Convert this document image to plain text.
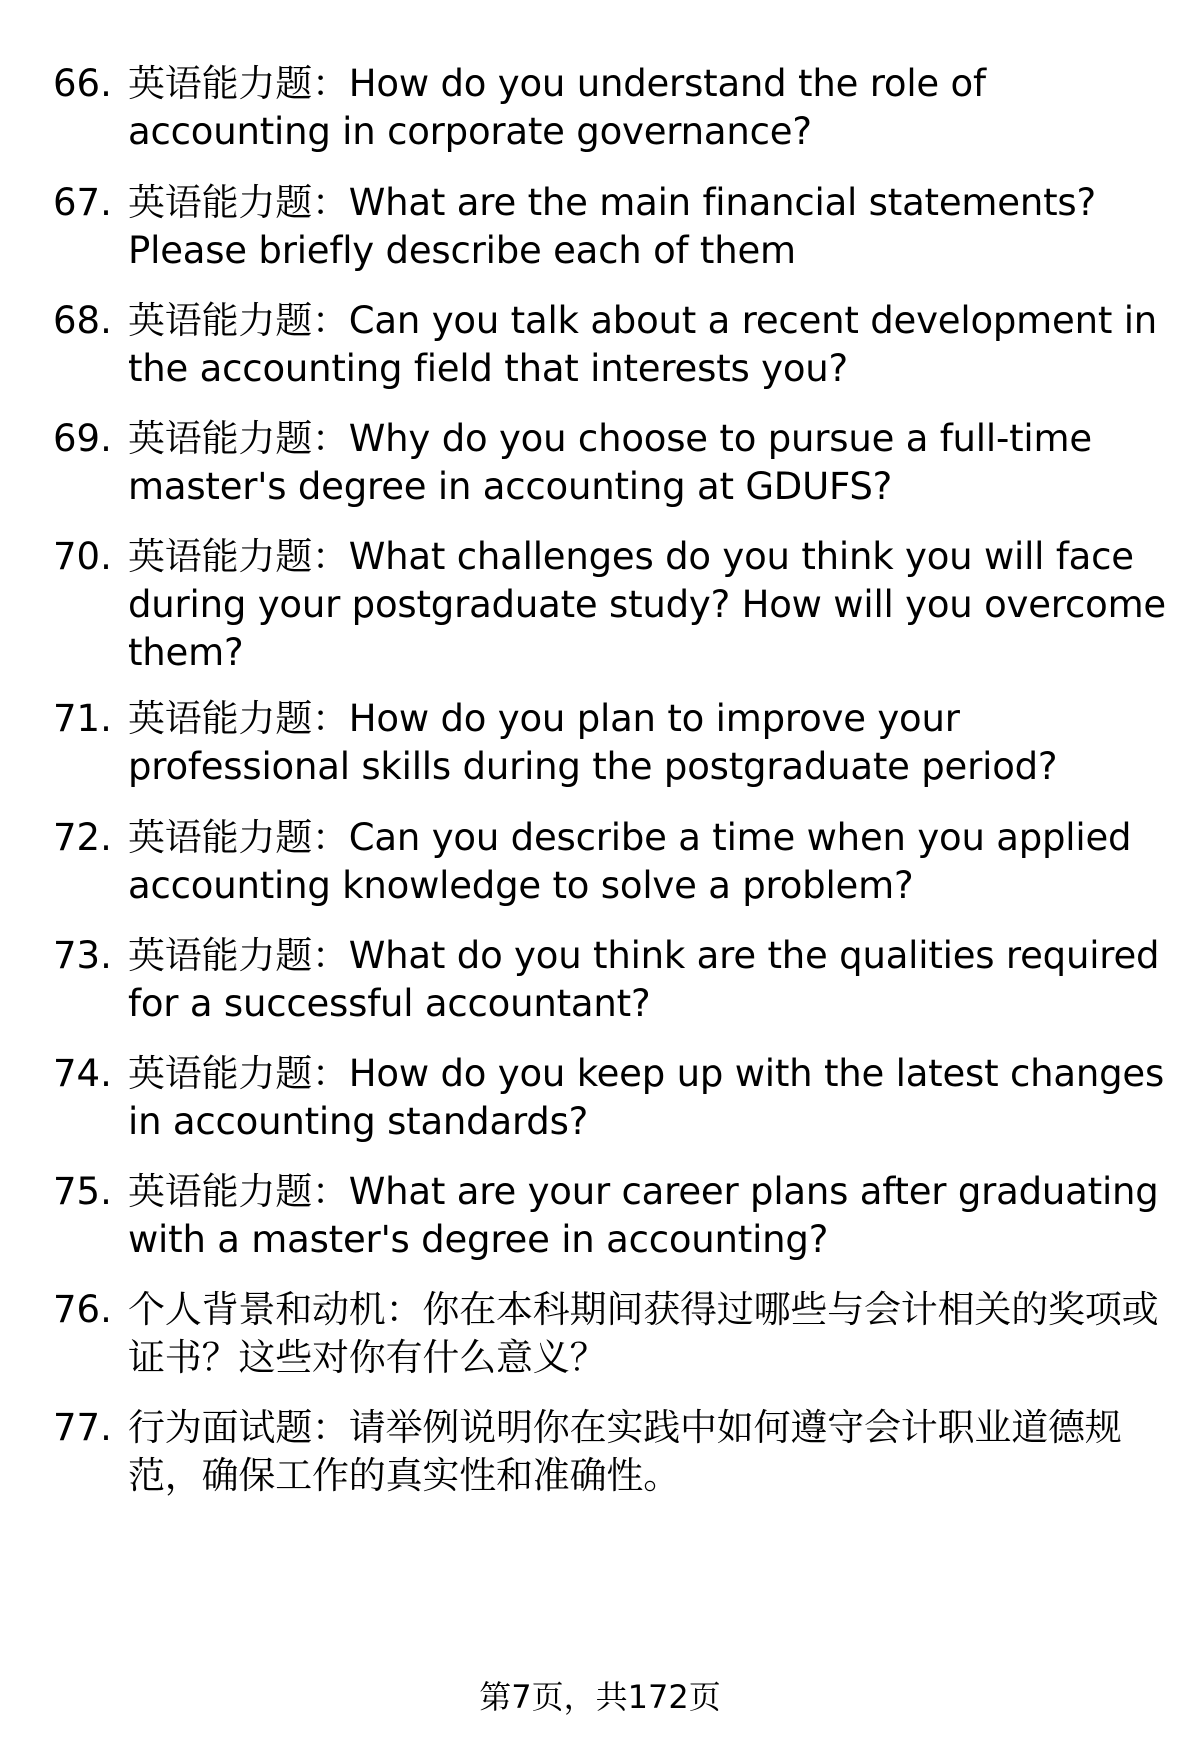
66. 英语能力题：How do you understand the role of accounting in corporate governance?
67. 英语能力题：What are the main financial statements? Please briefly describe each of them
68. 英语能力题：Can you talk about a recent development in the accounting field that interests you?
69. 英语能力题：Why do you choose to pursue a full-time master's degree in accounting at GDUFS?
70. 英语能力题：What challenges do you think you will face during your postgraduate study? How will you overcome them?
71. 英语能力题：How do you plan to improve your professional skills during the postgraduate period?
72. 英语能力题：Can you describe a time when you applied accounting knowledge to solve a problem?
73. 英语能力题：What do you think are the qualities required for a successful accountant?
74. 英语能力题：How do you keep up with the latest changes in accounting standards?
75. 英语能力题：What are your career plans after graduating with a master's degree in accounting?
76. 个人背景和动机：你在本科期间获得过哪些与会计相关的奖项或证书？这些对你有什么意义？
77. 行为面试题：请举例说明你在实践中如何遵守会计职业道德规范，确保工作的真实性和准确性。
第7页，共172页
